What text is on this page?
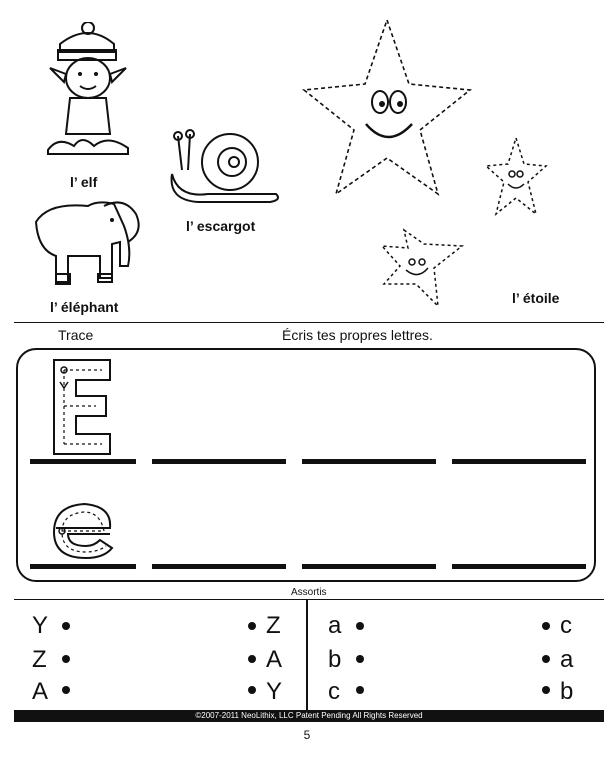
l’ elf
l’ escargot
l’ éléphant
l’ étoile
Trace	Écris tes propres lettres.
Assortis
Y
Z
A
Z
A
Y
a
b
c
c
a
b
©2007-2011 NeoLithix, LLC Patent Pending All Rights Reserved
5
